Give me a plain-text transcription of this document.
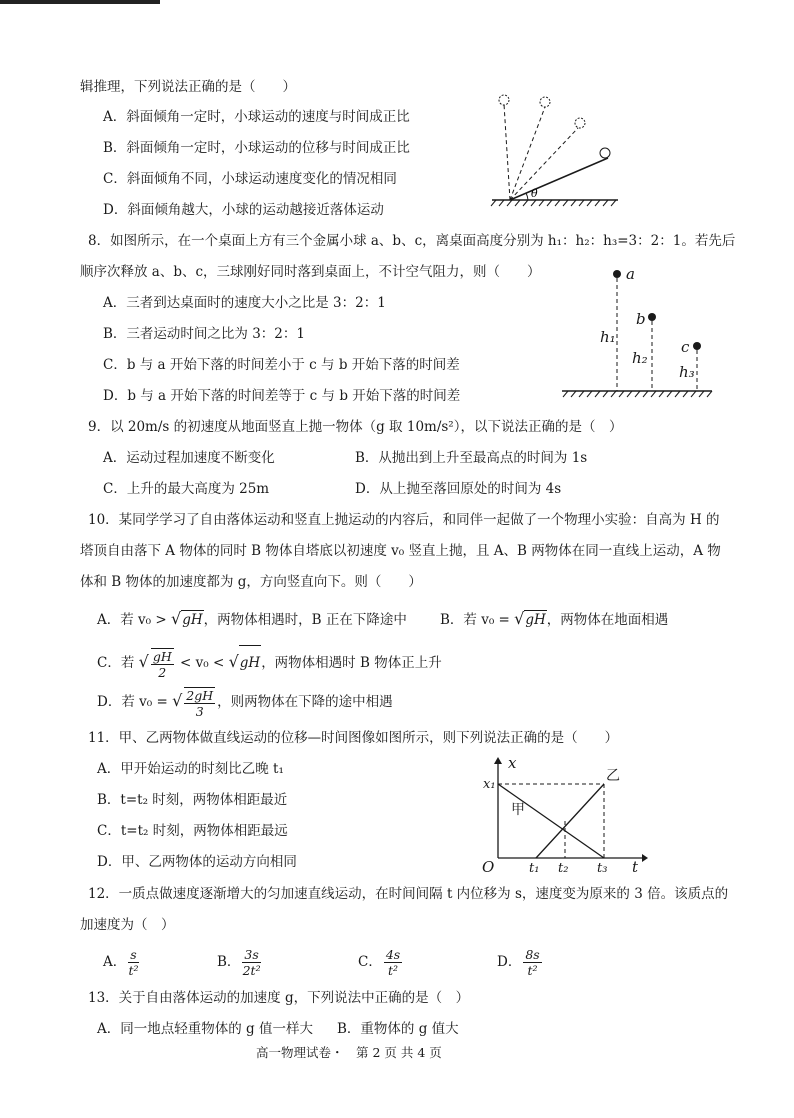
辑推理，下列说法正确的是（　　）
A．斜面倾角一定时，小球运动的速度与时间成正比
B．斜面倾角一定时，小球运动的位移与时间成正比
C．斜面倾角不同，小球运动速度变化的情况相同
D．斜面倾角越大，小球的运动越接近落体运动
θ
8．如图所示，在一个桌面上方有三个金属小球 a、b、c，离桌面高度分别为 h₁：h₂：h₃=3：2：1。若先后
顺序次释放 a、b、c，三球刚好同时落到桌面上，不计空气阻力，则（　　）
A．三者到达桌面时的速度大小之比是 3：2：1
B．三者运动时间之比为 3：2：1
C．b 与 a 开始下落的时间差小于 c 与 b 开始下落的时间差
D．b 与 a 开始下落的时间差等于 c 与 b 开始下落的时间差
a
b
c
h₁
h₂
h₃
9．以 20m/s 的初速度从地面竖直上抛一物体（g 取 10m/s²），以下说法正确的是（　）
A．运动过程加速度不断变化	B．从抛出到上升至最高点的时间为 1s
C．上升的最大高度为 25m	D．从上抛至落回原处的时间为 4s
10．某同学学习了自由落体运动和竖直上抛运动的内容后，和同伴一起做了一个物理小实验：自高为 H 的
塔顶自由落下 A 物体的同时 B 物体自塔底以初速度 v₀ 竖直上抛，且 A、B 两物体在同一直线上运动，A 物
体和 B 物体的加速度都为 g，方向竖直向下。则（　　）
A．若 v₀ > √gH，两物体相遇时，B 正在下降途中 B．若 v₀ = √gH，两物体在地面相遇
C．若 √ $\frac{gH}{2} < v_0 < √gH$，两物体相遇时 B 物体正上升
D．若 v₀ = √ $\frac{2gH}{3}$ ，则两物体在下降的途中相遇
11．甲、乙两物体做直线运动的位移—时间图像如图所示，则下列说法正确的是（　　）
A．甲开始运动的时刻比乙晚 t₁
B．t=t₂ 时刻，两物体相距最近
C．t=t₂ 时刻，两物体相距最远
D．甲、乙两物体的运动方向相同
x
t
O
x₁
t₁ t₂ t₃
甲
乙
12．一质点做速度逐渐增大的匀加速直线运动，在时间间隔 t 内位移为 s，速度变为原来的 3 倍。该质点的
加速度为（　）
A． $\frac{s}{\text{t²}}$	B． $\frac{3s}{\text{2t²}}$	C． $\frac{4s}{\text{t²}}$	D． $\frac{8s}{\text{t²}}$
13．关于自由落体运动的加速度 g，下列说法中正确的是（　）
A．同一地点轻重物体的 g 值一样大 B．重物体的 g 值大
高一物理试卷・　第 2 页 共 4 页
